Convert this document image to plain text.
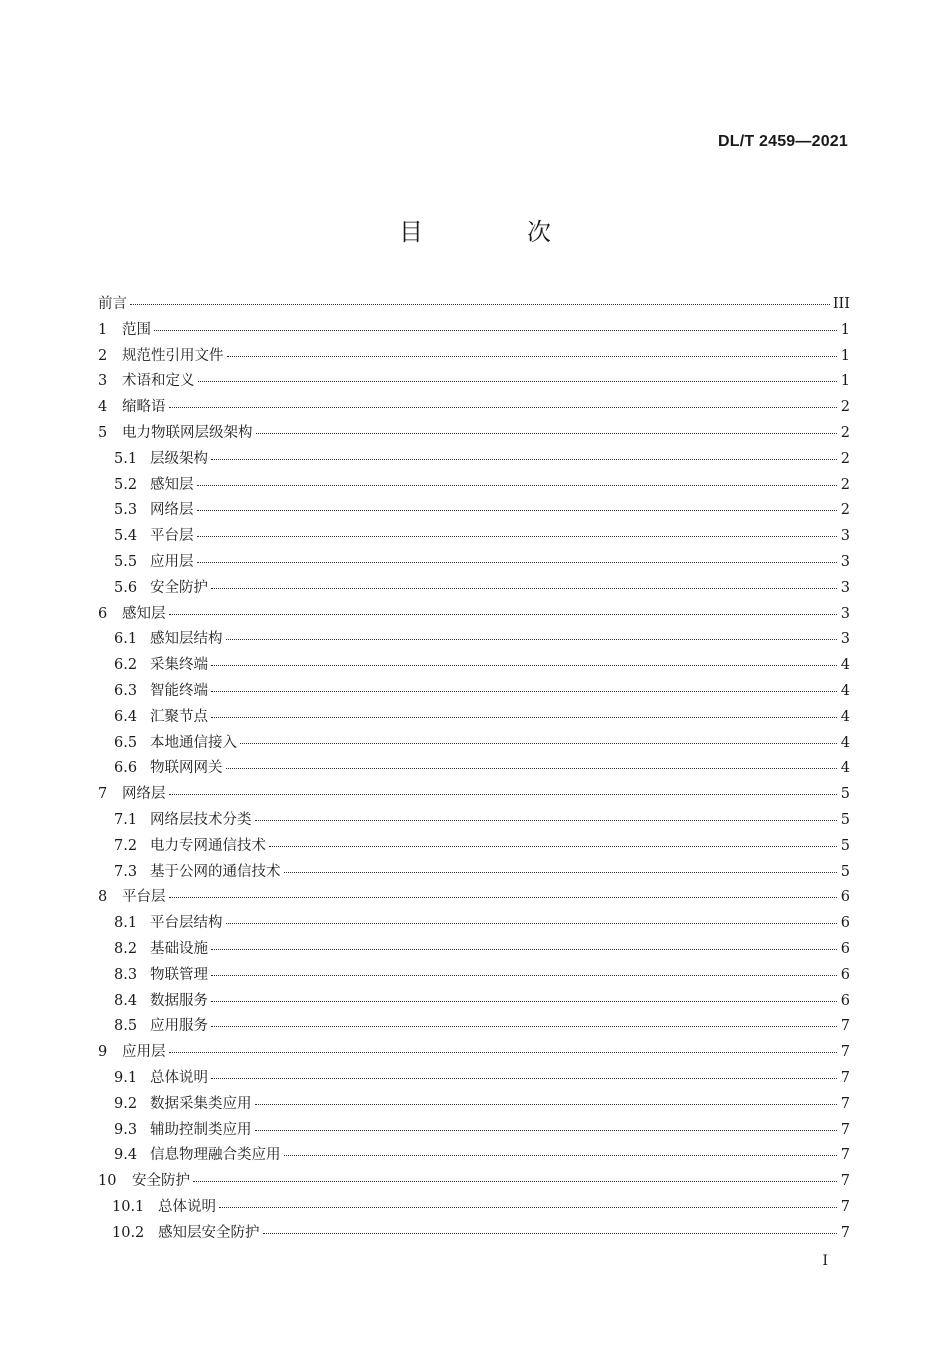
DL/T 2459—2021
目　次
前言	III
1	范围	1
2	规范性引用文件	1
3	术语和定义	1
4	缩略语	2
5	电力物联网层级架构	2
5.1 层级架构	2
5.2 感知层	2
5.3 网络层	2
5.4 平台层	3
5.5 应用层	3
5.6 安全防护	3
6	感知层	3
6.1 感知层结构	3
6.2 采集终端	4
6.3 智能终端	4
6.4 汇聚节点	4
6.5 本地通信接入	4
6.6 物联网网关	4
7	网络层	5
7.1 网络层技术分类	5
7.2 电力专网通信技术	5
7.3 基于公网的通信技术	5
8	平台层	6
8.1 平台层结构	6
8.2 基础设施	6
8.3 物联管理	6
8.4 数据服务	6
8.5 应用服务	7
9	应用层	7
9.1 总体说明	7
9.2 数据采集类应用	7
9.3 辅助控制类应用	7
9.4 信息物理融合类应用	7
10	安全防护	7
10.1 总体说明	7
10.2 感知层安全防护	7
I
